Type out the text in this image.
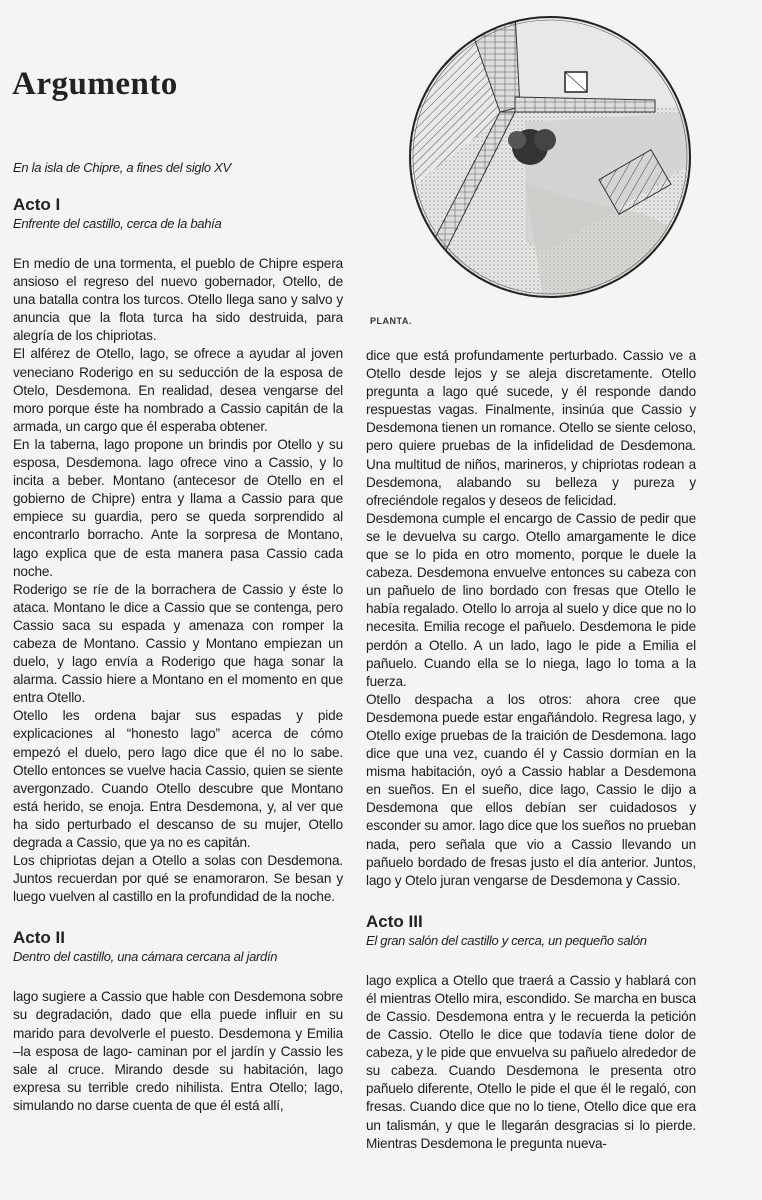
Argumento
En la isla de Chipre, a fines del siglo XV
PLANTA.
Acto I

Enfrente del castillo, cerca de la bahía

En medio de una tormenta, el pueblo de Chipre espera ansioso el regreso del nuevo gobernador, Otello, de una batalla contra los turcos. Otello llega sano y salvo y anuncia que la flota turca ha sido destruida, para alegría de los chipriotas.

El alférez de Otello, lago, se ofrece a ayudar al joven veneciano Roderigo en su seducción de la esposa de Otelo, Desdemona. En realidad, desea vengarse del moro porque éste ha nombrado a Cassio capitán de la armada, un cargo que él esperaba obtener.

En la taberna, lago propone un brindis por Otello y su esposa, Desdemona. lago ofrece vino a Cassio, y lo incita a beber. Montano (antecesor de Otello en el gobierno de Chipre) entra y llama a Cassio para que empiece su guardia, pero se queda sorprendido al encontrarlo borracho. Ante la sorpresa de Montano, lago explica que de esta manera pasa Cassio cada noche.

Roderigo se ríe de la borrachera de Cassio y éste lo ataca. Montano le dice a Cassio que se contenga, pero Cassio saca su espada y amenaza con romper la cabeza de Montano. Cassio y Montano empiezan un duelo, y lago envía a Roderigo que haga sonar la alarma. Cassio hiere a Montano en el momento en que entra Otello.

Otello les ordena bajar sus espadas y pide explicaciones al “honesto lago” acerca de cómo empezó el duelo, pero lago dice que él no lo sabe. Otello entonces se vuelve hacia Cassio, quien se siente avergonzado. Cuando Otello descubre que Montano está herido, se enoja. Entra Desdemona, y, al ver que ha sido perturbado el descanso de su mujer, Otello degrada a Cassio, que ya no es capitán.

Los chipriotas dejan a Otello a solas con Desdemona. Juntos recuerdan por qué se enamoraron. Se besan y luego vuelven al castillo en la profundidad de la noche.

Acto II

Dentro del castillo, una cámara cercana al jardín

lago sugiere a Cassio que hable con Desdemona sobre su degradación, dado que ella puede influir en su marido para devolverle el puesto. Desdemona y Emilia –la esposa de lago- caminan por el jardín y Cassio les sale al cruce. Mirando desde su habitación, lago expresa su terrible credo nihilista. Entra Otello; lago, simulando no darse cuenta de que él está allí,

dice que está profundamente perturbado. Cassio ve a Otello desde lejos y se aleja discretamente. Otello pregunta a lago qué sucede, y él responde dando respuestas vagas. Finalmente, insinúa que Cassio y Desdemona tienen un romance. Otello se siente celoso, pero quiere pruebas de la infidelidad de Desdemona. Una multitud de niños, marineros, y chipriotas rodean a Desdemona, alabando su belleza y pureza y ofreciéndole regalos y deseos de felicidad.

Desdemona cumple el encargo de Cassio de pedir que se le devuelva su cargo. Otello amargamente le dice que se lo pida en otro momento, porque le duele la cabeza. Desdemona envuelve entonces su cabeza con un pañuelo de lino bordado con fresas que Otello le había regalado. Otello lo arroja al suelo y dice que no lo necesita. Emilia recoge el pañuelo. Desdemona le pide perdón a Otello. A un lado, lago le pide a Emilia el pañuelo. Cuando ella se lo niega, lago lo toma a la fuerza.

Otello despacha a los otros: ahora cree que Desdemona puede estar engañándolo. Regresa lago, y Otello exige pruebas de la traición de Desdemona. lago dice que una vez, cuando él y Cassio dormían en la misma habitación, oyó a Cassio hablar a Desdemona en sueños. En el sueño, dice lago, Cassio le dijo a Desdemona que ellos debían ser cuidadosos y esconder su amor. lago dice que los sueños no prueban nada, pero señala que vio a Cassio llevando un pañuelo bordado de fresas justo el día anterior. Juntos, lago y Otelo juran vengarse de Desdemona y Cassio.

Acto III

El gran salón del castillo y cerca, un pequeño salón

lago explica a Otello que traerá a Cassio y hablará con él mientras Otello mira, escondido. Se marcha en busca de Cassio. Desdemona entra y le recuerda la petición de Cassio. Otello le dice que todavía tiene dolor de cabeza, y le pide que envuelva su pañuelo alrededor de su cabeza. Cuando Desdemona le presenta otro pañuelo diferente, Otello le pide el que él le regaló, con fresas. Cuando dice que no lo tiene, Otello dice que era un talismán, y que le llegarán desgracias si lo pierde. Mientras Desdemona le pregunta nueva-
